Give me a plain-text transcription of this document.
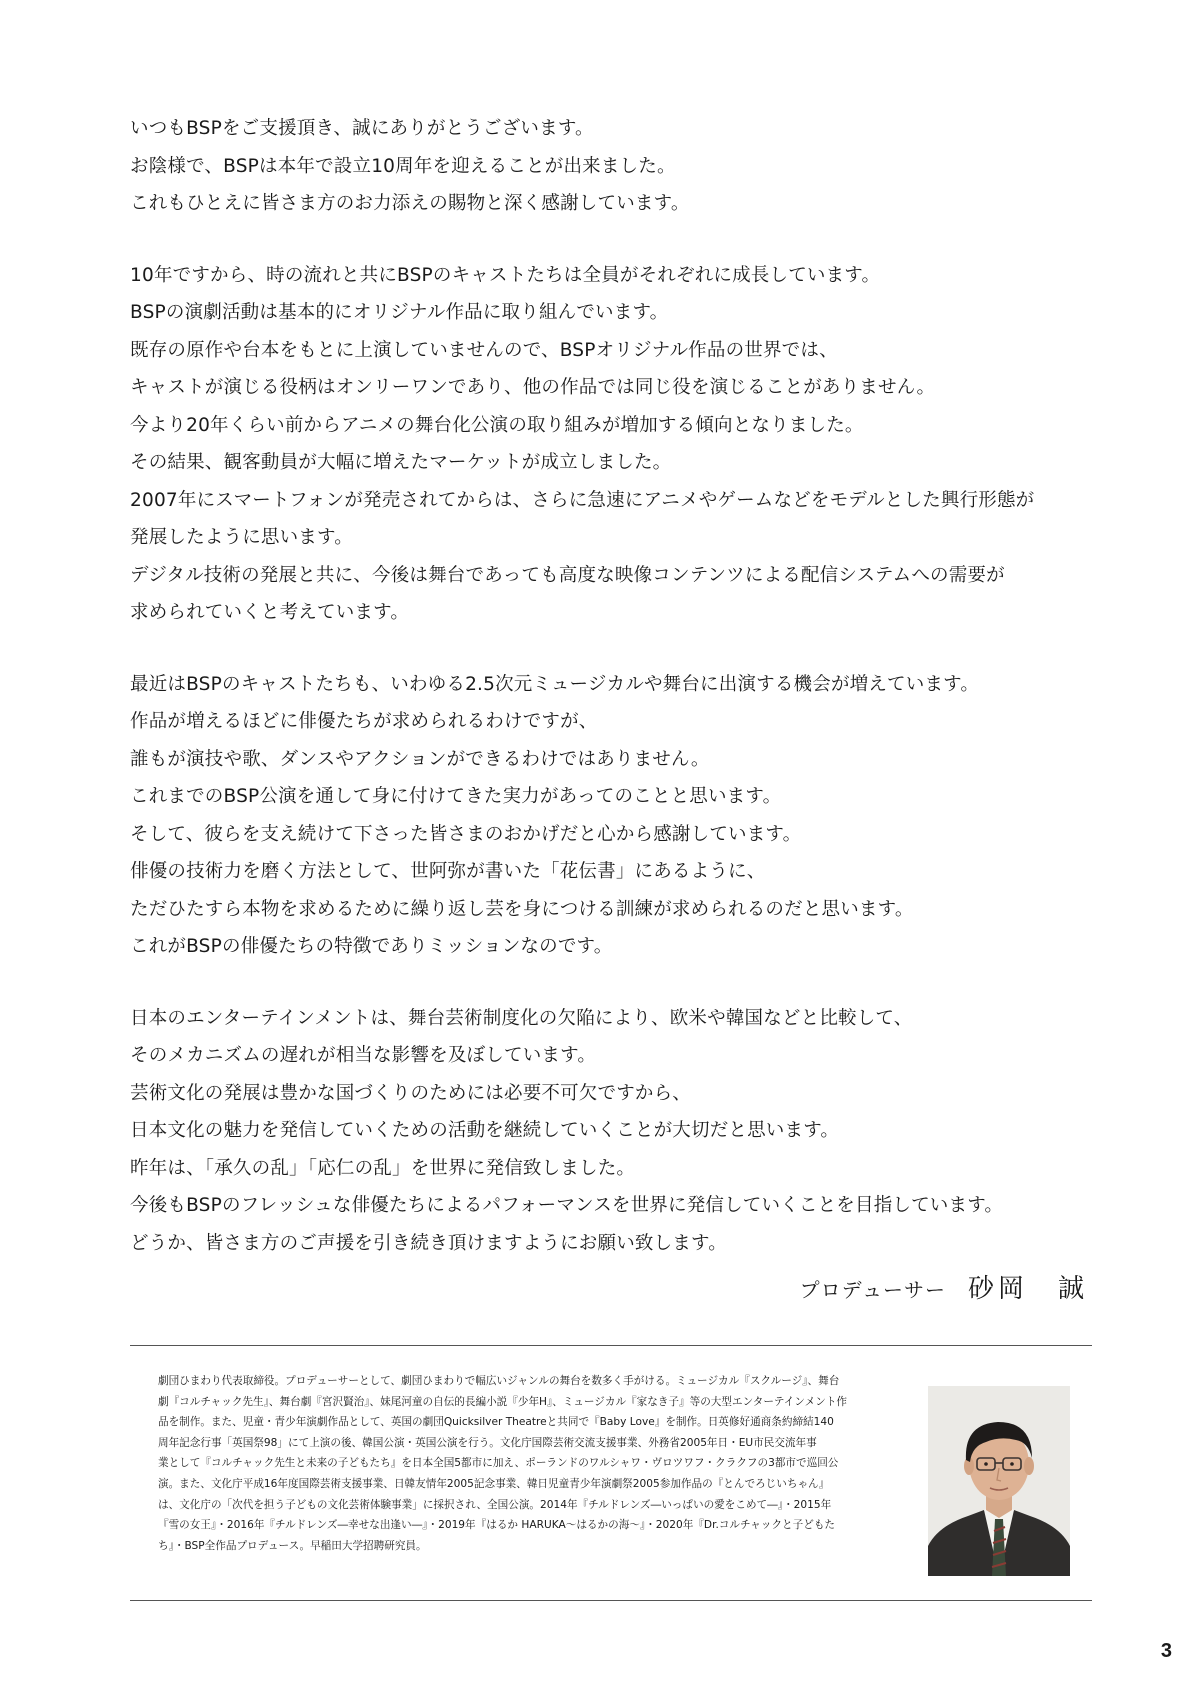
いつもBSPをご支援頂き、誠にありがとうございます。
お陰様で、BSPは本年で設立10周年を迎えることが出来ました。
これもひとえに皆さま方のお力添えの賜物と深く感謝しています。
10年ですから、時の流れと共にBSPのキャストたちは全員がそれぞれに成長しています。
BSPの演劇活動は基本的にオリジナル作品に取り組んでいます。
既存の原作や台本をもとに上演していませんので、BSPオリジナル作品の世界では、
キャストが演じる役柄はオンリーワンであり、他の作品では同じ役を演じることがありません。
今より20年くらい前からアニメの舞台化公演の取り組みが増加する傾向となりました。
その結果、観客動員が大幅に増えたマーケットが成立しました。
2007年にスマートフォンが発売されてからは、さらに急速にアニメやゲームなどをモデルとした興行形態が
発展したように思います。
デジタル技術の発展と共に、今後は舞台であっても高度な映像コンテンツによる配信システムへの需要が
求められていくと考えています。
最近はBSPのキャストたちも、いわゆる2.5次元ミュージカルや舞台に出演する機会が増えています。
作品が増えるほどに俳優たちが求められるわけですが、
誰もが演技や歌、ダンスやアクションができるわけではありません。
これまでのBSP公演を通して身に付けてきた実力があってのことと思います。
そして、彼らを支え続けて下さった皆さまのおかげだと心から感謝しています。
俳優の技術力を磨く方法として、世阿弥が書いた「花伝書」にあるように、
ただひたすら本物を求めるために繰り返し芸を身につける訓練が求められるのだと思います。
これがBSPの俳優たちの特徴でありミッションなのです。
日本のエンターテインメントは、舞台芸術制度化の欠陥により、欧米や韓国などと比較して、
そのメカニズムの遅れが相当な影響を及ぼしています。
芸術文化の発展は豊かな国づくりのためには必要不可欠ですから、
日本文化の魅力を発信していくための活動を継続していくことが大切だと思います。
昨年は、「承久の乱」「応仁の乱」を世界に発信致しました。
今後もBSPのフレッシュな俳優たちによるパフォーマンスを世界に発信していくことを目指しています。
どうか、皆さま方のご声援を引き続き頂けますようにお願い致します。
プロデューサー 砂岡　誠
劇団ひまわり代表取締役。プロデューサーとして、劇団ひまわりで幅広いジャンルの舞台を数多く手がける。ミュージカル『スクルージ』、舞台
劇『コルチャック先生』、舞台劇『宮沢賢治』、妹尾河童の自伝的長編小説『少年H』、ミュージカル『家なき子』等の大型エンターテインメント作
品を制作。また、児童・青少年演劇作品として、英国の劇団Quicksilver Theatreと共同で『Baby Love』を制作。日英修好通商条約締結140
周年記念行事「英国祭98」にて上演の後、韓国公演・英国公演を行う。文化庁国際芸術交流支援事業、外務省2005年日・EU市民交流年事
業として『コルチャック先生と未来の子どもたち』を日本全国5都市に加え、ポーランドのワルシャワ・ヴロツワフ・クラクフの3都市で巡回公
演。また、文化庁平成16年度国際芸術支援事業、日韓友情年2005記念事業、韓日児童青少年演劇祭2005参加作品の『とんでろじいちゃん』
は、文化庁の「次代を担う子どもの文化芸術体験事業」に採択され、全国公演。2014年『チルドレンズ―いっぱいの愛をこめて―』・2015年
『雪の女王』・2016年『チルドレンズ―幸せな出逢い―』・2019年『はるか HARUKA～はるかの海～』・2020年『Dr.コルチャックと子どもた
ち』・BSP全作品プロデュース。早稲田大学招聘研究員。
3
